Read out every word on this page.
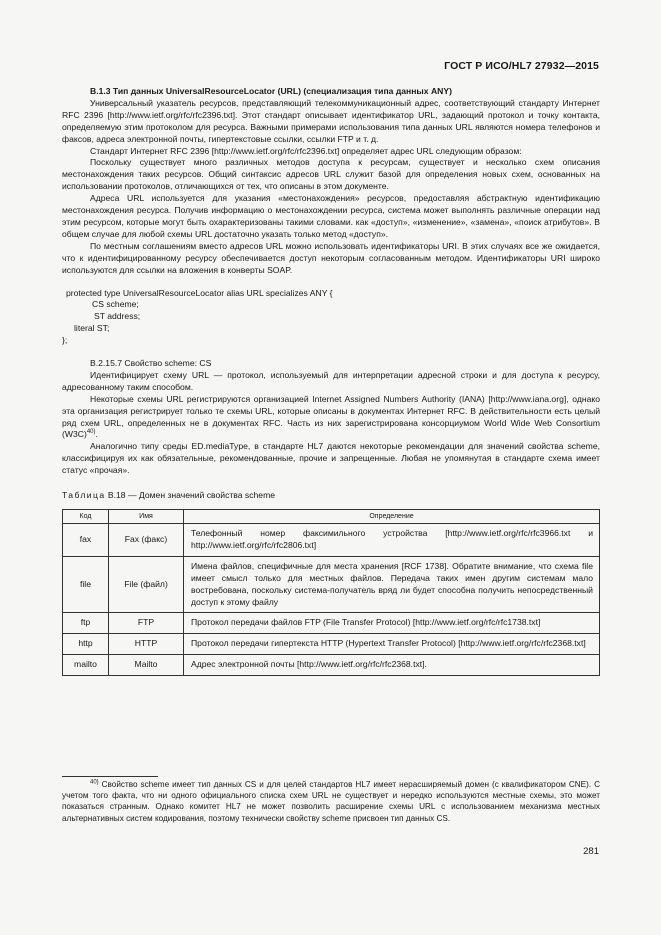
ГОСТ Р ИСО/HL7 27932—2015

B.1.3 Тип данных UniversalResourceLocator (URL) (специализация типа данных ANY)

Универсальный указатель ресурсов, представляющий телекоммуникационный адрес, соответствующий стандарту Интернет RFC 2396 [http://www.ietf.org/rfc/rfc2396.txt]. Этот стандарт описывает идентификатор URL, задающий протокол и точку контакта, определяемую этим протоколом для ресурса. Важными примерами использования типа данных URL являются номера телефонов и факсов, адреса электронной почты, гипертекстовые ссылки, ссылки FTP и т. д.

Стандарт Интернет RFC 2396 [http://www.ietf.org/rfc/rfc2396.txt] определяет адрес URL следующим образом:

Поскольку существует много различных методов доступа к ресурсам, существует и несколько схем описания местонахождения таких ресурсов. Общий синтаксис адресов URL служит базой для определения новых схем, основанных на использовании протоколов, отличающихся от тех, что описаны в этом документе.

Адреса URL используется для указания «местонахождения» ресурсов, предоставляя абстрактную идентификацию местонахождения ресурса. Получив информацию о местонахождении ресурса, система может выполнять различные операции над этим ресурсом, которые могут быть охарактеризованы такими словами. как «доступ», «изменение», «замена», «поиск атрибутов». В общем случае для любой схемы URL достаточно указать только метод «доступ».

По местным соглашениям вместо адресов URL можно использовать идентификаторы URI. В этих случаях все же ожидается, что к идентифицированному ресурсу обеспечивается доступ некоторым согласованным методом. Идентификаторы URI широко используются для ссылки на вложения в конверты SOAP.

protected type UniversalResourceLocator alias URL specializes ANY {

CS scheme;

ST address;

literal ST;

};

B.2.15.7 Свойство scheme: CS

Идентифицирует схему URL — протокол, используемый для интерпретации адресной строки и для доступа к ресурсу, адресованному таким способом.

Некоторые схемы URL регистрируются организацией Internet Assigned Numbers Authority (IANA) [http://www.iana.org], однако эта организация регистрирует только те схемы URL, которые описаны в документах Интернет RFC. В действительности есть целый ряд схем URL, определенных не в документах RFC. Часть из них зарегистрирована консорциумом World Wide Web Consortium $(W3C)^{40)}$.

Аналогично типу среды ED.mediaType, в стандарте HL7 даются некоторые рекомендации для значений свойства scheme, классифицируя их как обязательные, рекомендованные, прочие и запрещенные. Любая не упомянутая в стандарте схема имеет статус «прочая».

Таблица B.18 — Домен значений свойства scheme

Код	Имя	Определение
fax	Fax (факс)	Телефонный номер факсимильного устройства [http://www.ietf.org/rfc/rfc3966.txt и http://www.ietf.org/rfc/rfc2806.txt]
file	File (файл)	Имена файлов, специфичные для места хранения [RCF 1738]. Обратите внимание, что схема file имеет смысл только для местных файлов. Передача таких имен другим системам мало востребована, поскольку система-получатель вряд ли будет способна получить непосредственный доступ к этому файлу
ftp	FTP	Протокол передачи файлов FTP (File Transfer Protocol) [http://www.ietf.org/rfc/rfc1738.txt]
http	HTTP	Протокол передачи гипертекста HTTP (Hypertext Transfer Protocol) [http://www.ietf.org/rfc/rfc2368.txt]
mailto	Mailto	Адрес электронной почты [http://www.ietf.org/rfc/rfc2368.txt].

$^{40)}$ Свойство scheme имеет тип данных CS и для целей стандартов HL7 имеет нерасширяемый домен (с квалификатором CNE). С учетом того факта, что ни одного официального списка схем URL не существует и нередко используются местные схемы, это может показаться странным. Однако комитет HL7 не может позволить расширение схемы URL с использованием механизма местных альтернативных систем кодирования, поэтому технически свойству scheme присвоен тип данных CS.

281
